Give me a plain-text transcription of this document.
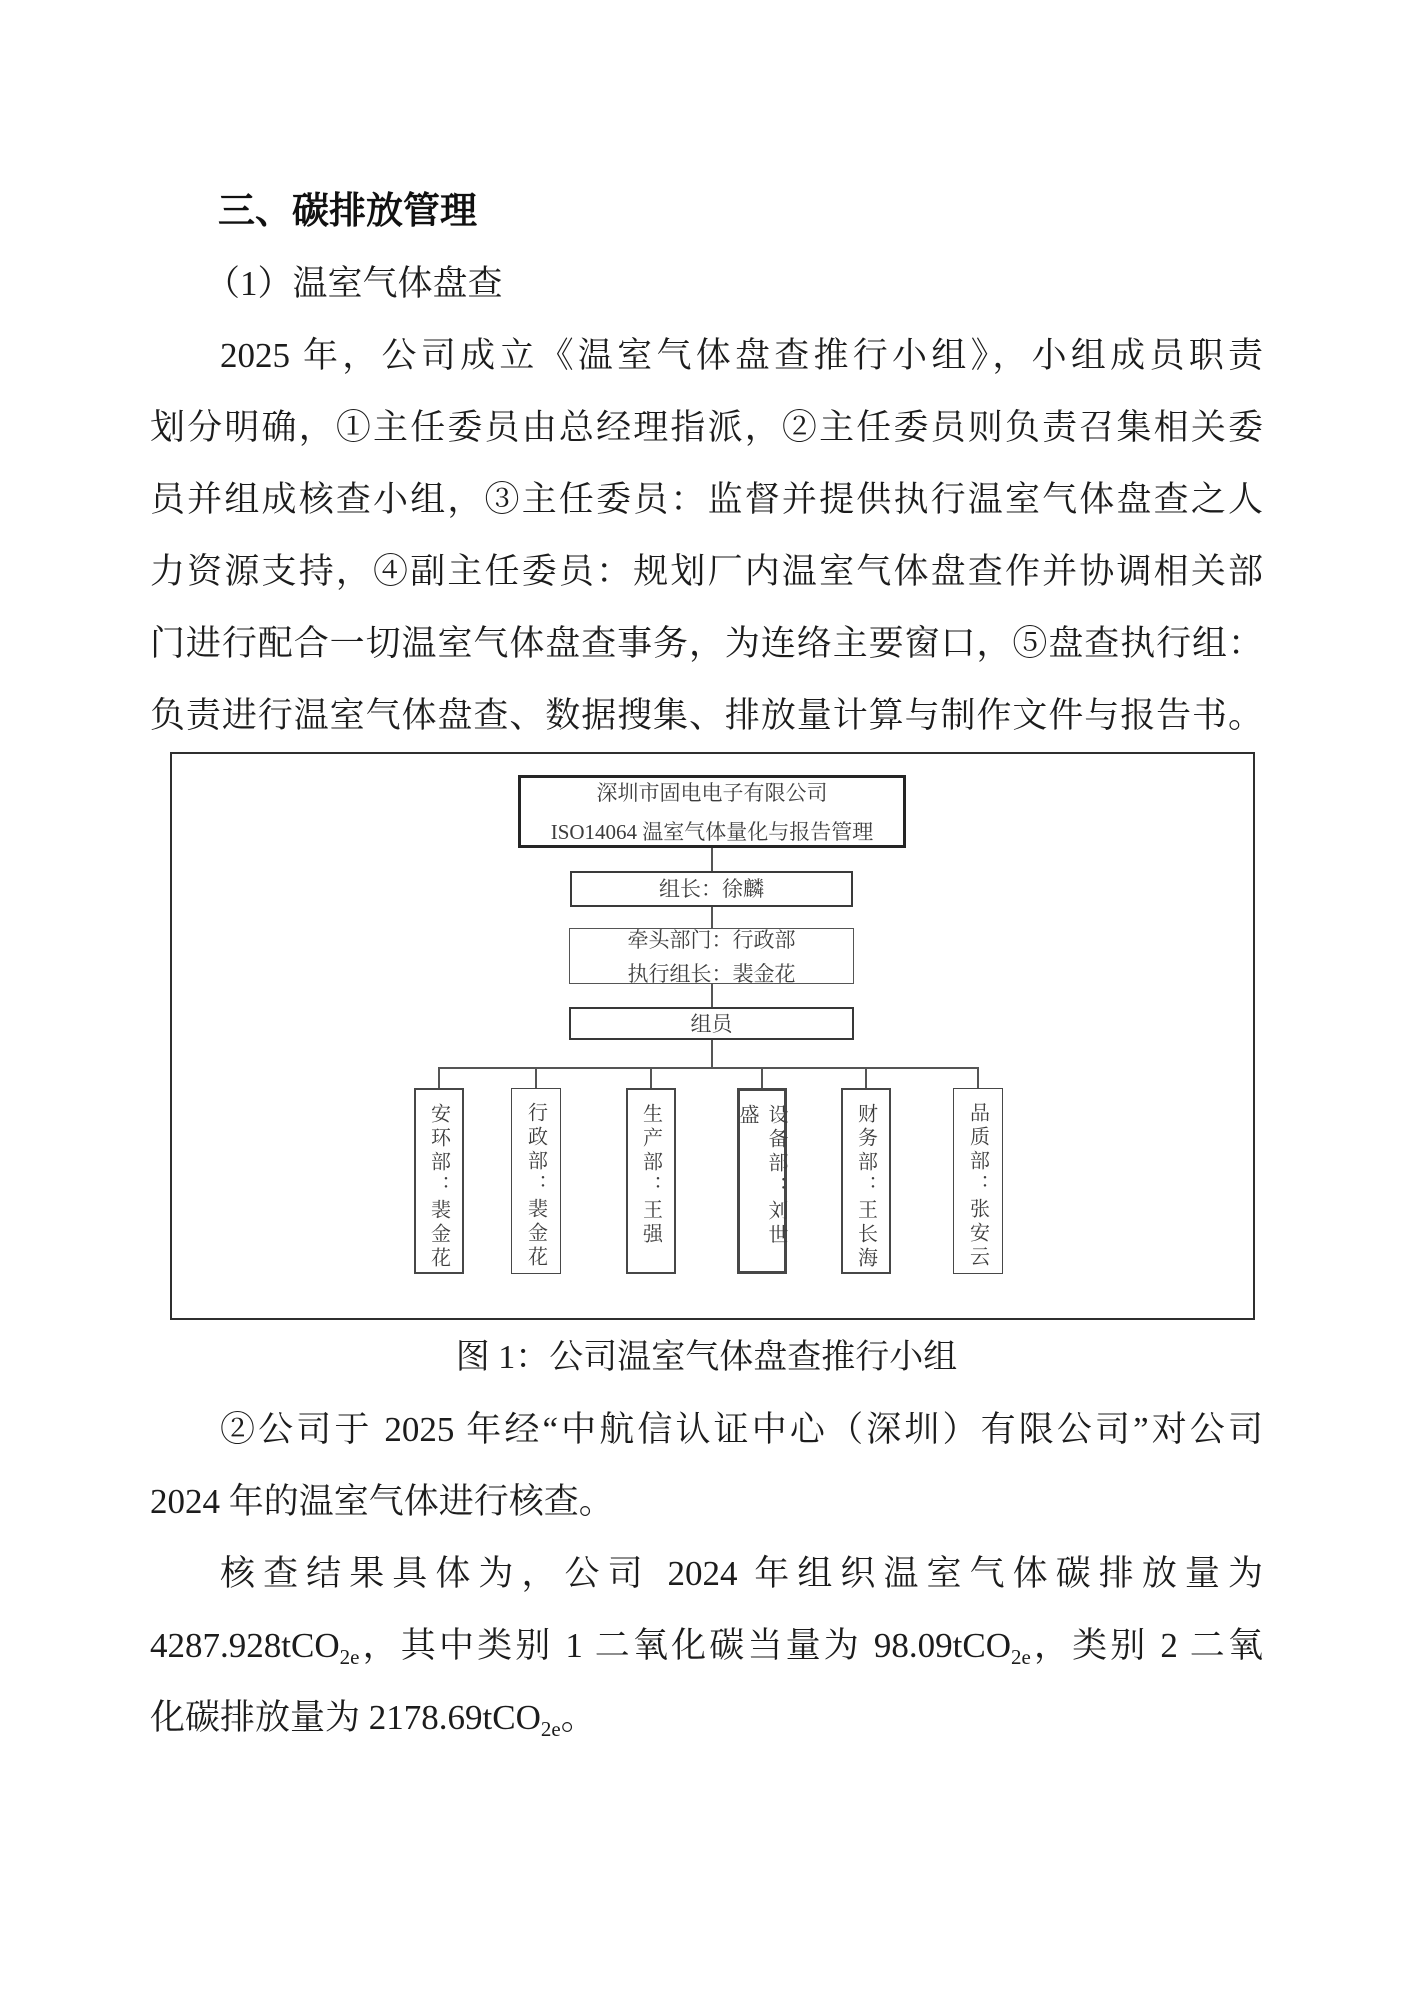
三、碳排放管理
（1）温室气体盘查
2025 年，公司成立《温室气体盘查推行小组》，小组成员职责
划分明确，①主任委员由总经理指派，②主任委员则负责召集相关委
员并组成核查小组，③主任委员：监督并提供执行温室气体盘查之人
力资源支持，④副主任委员：规划厂内温室气体盘查作并协调相关部
门进行配合一切温室气体盘查事务，为连络主要窗口，⑤盘查执行组：
负责进行温室气体盘查、数据搜集、排放量计算与制作文件与报告书。
深圳市固电电子有限公司
ISO14064 温室气体量化与报告管理
组长：徐麟
牵头部门：行政部
执行组长：裴金花
组员
安环部：裴金花	行政部：裴金花	生产部：王强	设备部：刘世盛	财务部：王长海	品质部：张安云
图 1：公司温室气体盘查推行小组
②公司于 2025 年经“中航信认证中心（深圳）有限公司”对公司
2024 年的温室气体进行核查。
核查结果具体为，公司 2024 年组织温室气体碳排放量为
4287.928tCO$_{2e}$，其中类别 1 二氧化碳当量为 98.09tCO$_{2e}$，类别 2 二氧
化碳排放量为 2178.69tCO$_{2e}$。
